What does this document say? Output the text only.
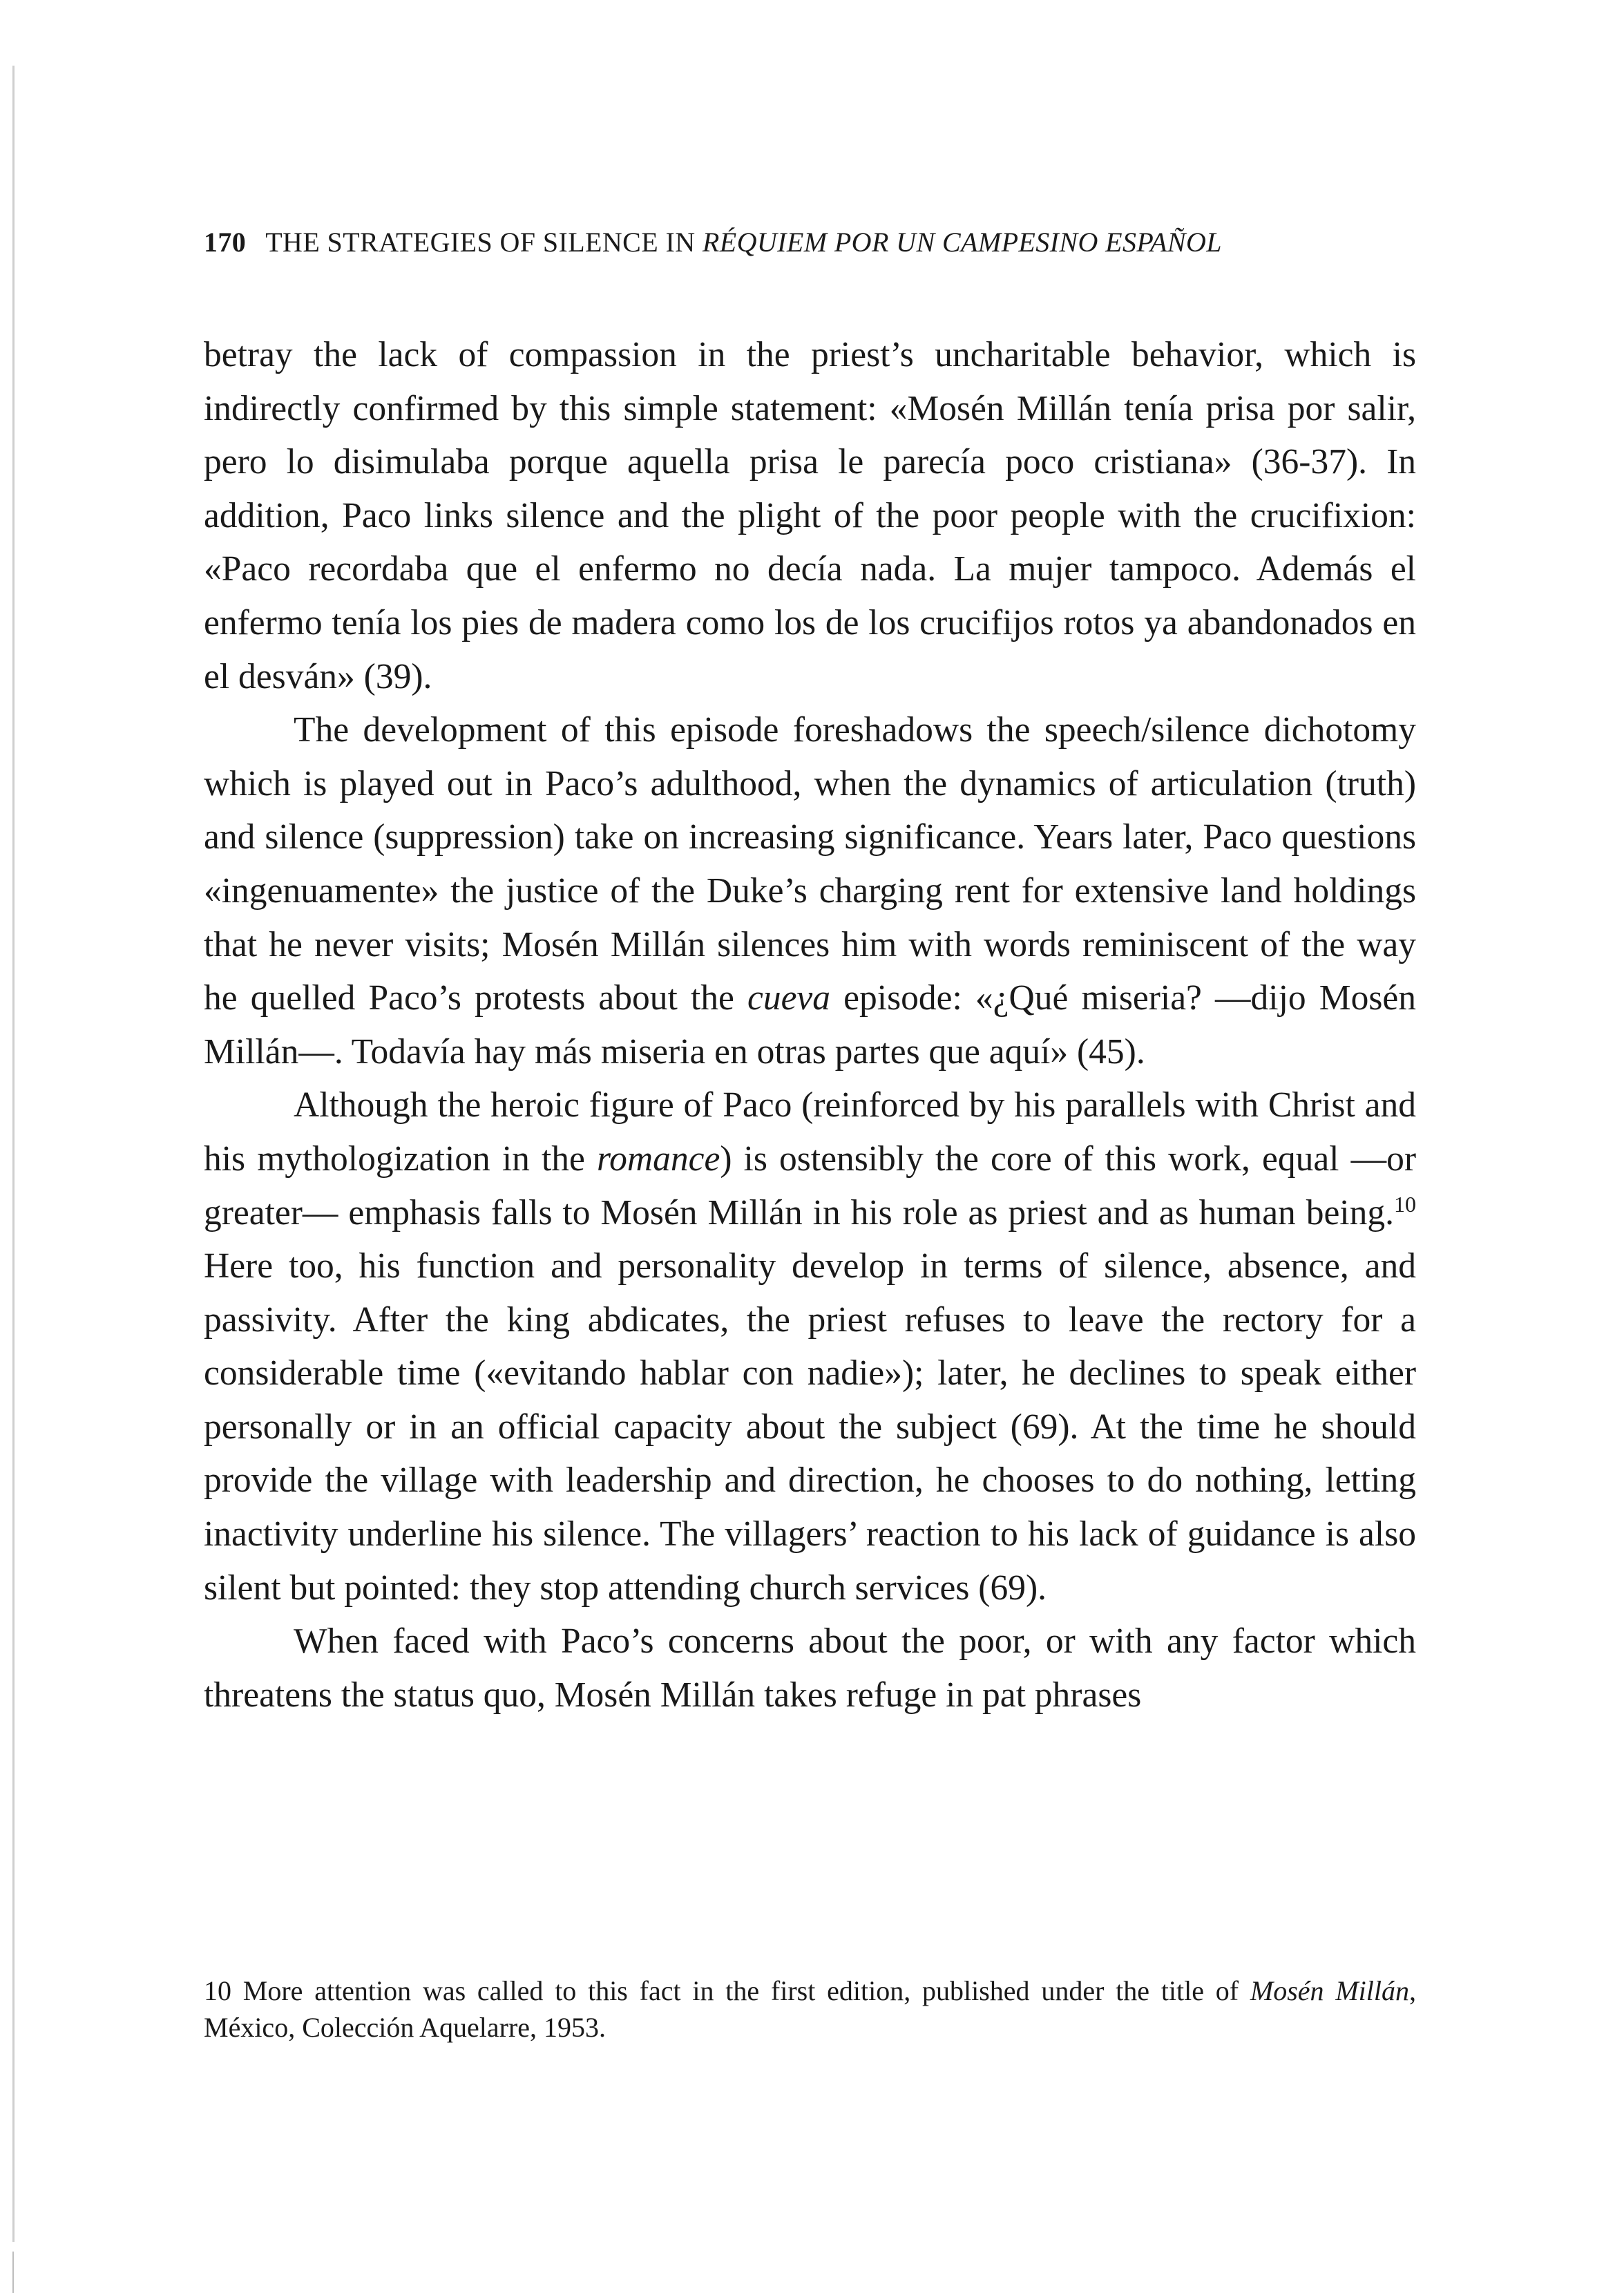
170 THE STRATEGIES OF SILENCE IN RÉQUIEM POR UN CAMPESINO ESPAÑOL

betray the lack of compassion in the priest’s uncharitable behavior, which is indirectly confirmed by this simple statement: «Mosén Millán tenía prisa por salir, pero lo disimulaba porque aquella prisa le parecía poco cristiana» (36-37). In addition, Paco links silence and the plight of the poor people with the crucifixion: «Paco recordaba que el enfermo no decía nada. La mujer tampoco. Además el enfermo tenía los pies de madera como los de los crucifijos rotos ya abandonados en el desván» (39).

The development of this episode foreshadows the speech/silence dichotomy which is played out in Paco’s adulthood, when the dynamics of articulation (truth) and silence (suppression) take on increasing significance. Years later, Paco questions «ingenuamente» the justice of the Duke’s charging rent for extensive land holdings that he never visits; Mosén Millán silences him with words reminiscent of the way he quelled Paco’s protests about the cueva episode: «¿Qué miseria? —dijo Mosén Millán—. Todavía hay más miseria en otras partes que aquí» (45).

Although the heroic figure of Paco (reinforced by his parallels with Christ and his mythologization in the romance) is ostensibly the core of this work, equal —or greater— emphasis falls to Mosén Millán in his role as priest and as human being.$^{10}$ Here too, his function and personality develop in terms of silence, absence, and passivity. After the king abdicates, the priest refuses to leave the rectory for a considerable time («evitando hablar con nadie»); later, he declines to speak either personally or in an official capacity about the subject (69). At the time he should provide the village with leadership and direction, he chooses to do nothing, letting inactivity underline his silence. The villagers’ reaction to his lack of guidance is also silent but pointed: they stop attending church services (69).

When faced with Paco’s concerns about the poor, or with any factor which threatens the status quo, Mosén Millán takes refuge in pat phrases

10 More attention was called to this fact in the first edition, published under the title of Mosén Millán, México, Colección Aquelarre, 1953.
